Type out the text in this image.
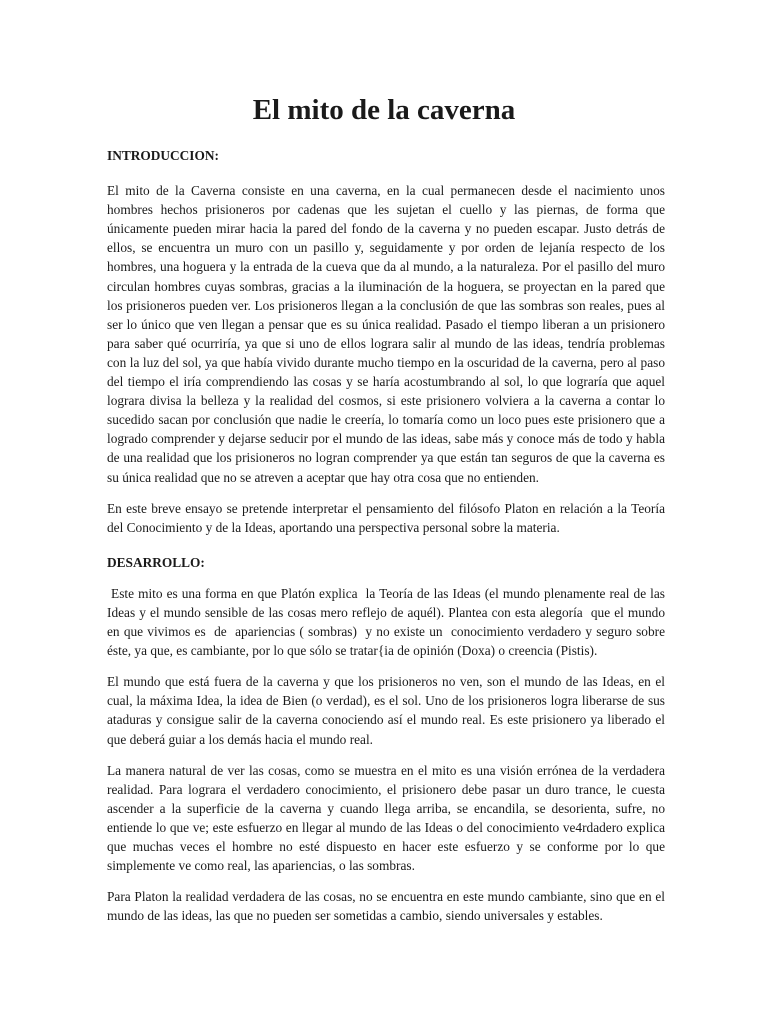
El mito de la caverna

INTRODUCCION:

El mito de la Caverna consiste en una caverna, en la cual permanecen desde el nacimiento unos hombres hechos prisioneros por cadenas que les sujetan el cuello y las piernas, de forma que únicamente pueden mirar hacia la pared del fondo de la caverna y no pueden escapar. Justo detrás de ellos, se encuentra un muro con un pasillo y, seguidamente y por orden de lejanía respecto de los hombres, una hoguera y la entrada de la cueva que da al mundo, a la naturaleza. Por el pasillo del muro circulan hombres cuyas sombras, gracias a la iluminación de la hoguera, se proyectan en la pared que los prisioneros pueden ver. Los prisioneros llegan a la conclusión de que las sombras son reales, pues al ser lo único que ven llegan a pensar que es su única realidad. Pasado el tiempo liberan a un prisionero para saber qué ocurriría, ya que si uno de ellos lograra salir al mundo de las ideas, tendría problemas con la luz del sol, ya que había vivido durante mucho tiempo en la oscuridad de la caverna, pero al paso del tiempo el iría comprendiendo las cosas y se haría acostumbrando al sol, lo que lograría que aquel lograra divisa la belleza y la realidad del cosmos, si este prisionero volviera a la caverna a contar lo sucedido sacan por conclusión que nadie le creería, lo tomaría como un loco pues este prisionero que a logrado comprender y dejarse seducir por el mundo de las ideas, sabe más y conoce más de todo y habla de una realidad que los prisioneros no logran comprender ya que están tan seguros de que la caverna es su única realidad que no se atreven a aceptar que hay otra cosa que no entienden.

En este breve ensayo se pretende interpretar el pensamiento del filósofo Platon en relación a la Teoría del Conocimiento y de la Ideas, aportando una perspectiva personal sobre la materia.

DESARROLLO:

Este mito es una forma en que Platón explica  la Teoría de las Ideas (el mundo plenamente real de las Ideas y el mundo sensible de las cosas mero reflejo de aquél). Plantea con esta alegoría  que el mundo en que vivimos es  de  apariencias ( sombras)  y no existe un  conocimiento verdadero y seguro sobre éste, ya que, es cambiante, por lo que sólo se tratar{ia de opinión (Doxa) o creencia (Pistis).

El mundo que está fuera de la caverna y que los prisioneros no ven, son el mundo de las Ideas, en el cual, la máxima Idea, la idea de Bien (o verdad), es el sol. Uno de los prisioneros logra liberarse de sus ataduras y consigue salir de la caverna conociendo así el mundo real. Es este prisionero ya liberado el que deberá guiar a los demás hacia el mundo real.

La manera natural de ver las cosas, como se muestra en el mito es una visión errónea de la verdadera realidad. Para lograra el verdadero conocimiento, el prisionero debe pasar un duro trance, le cuesta ascender a la superficie de la caverna y cuando llega arriba, se encandila, se desorienta, sufre, no entiende lo que ve; este esfuerzo en llegar al mundo de las Ideas o del conocimiento ve4rdadero explica que muchas veces el hombre no esté dispuesto en hacer este esfuerzo y se conforme por lo que simplemente ve como real, las apariencias, o las sombras.

Para Platon la realidad verdadera de las cosas, no se encuentra en este mundo cambiante, sino que en el mundo de las ideas, las que no pueden ser sometidas a cambio, siendo universales y estables.
